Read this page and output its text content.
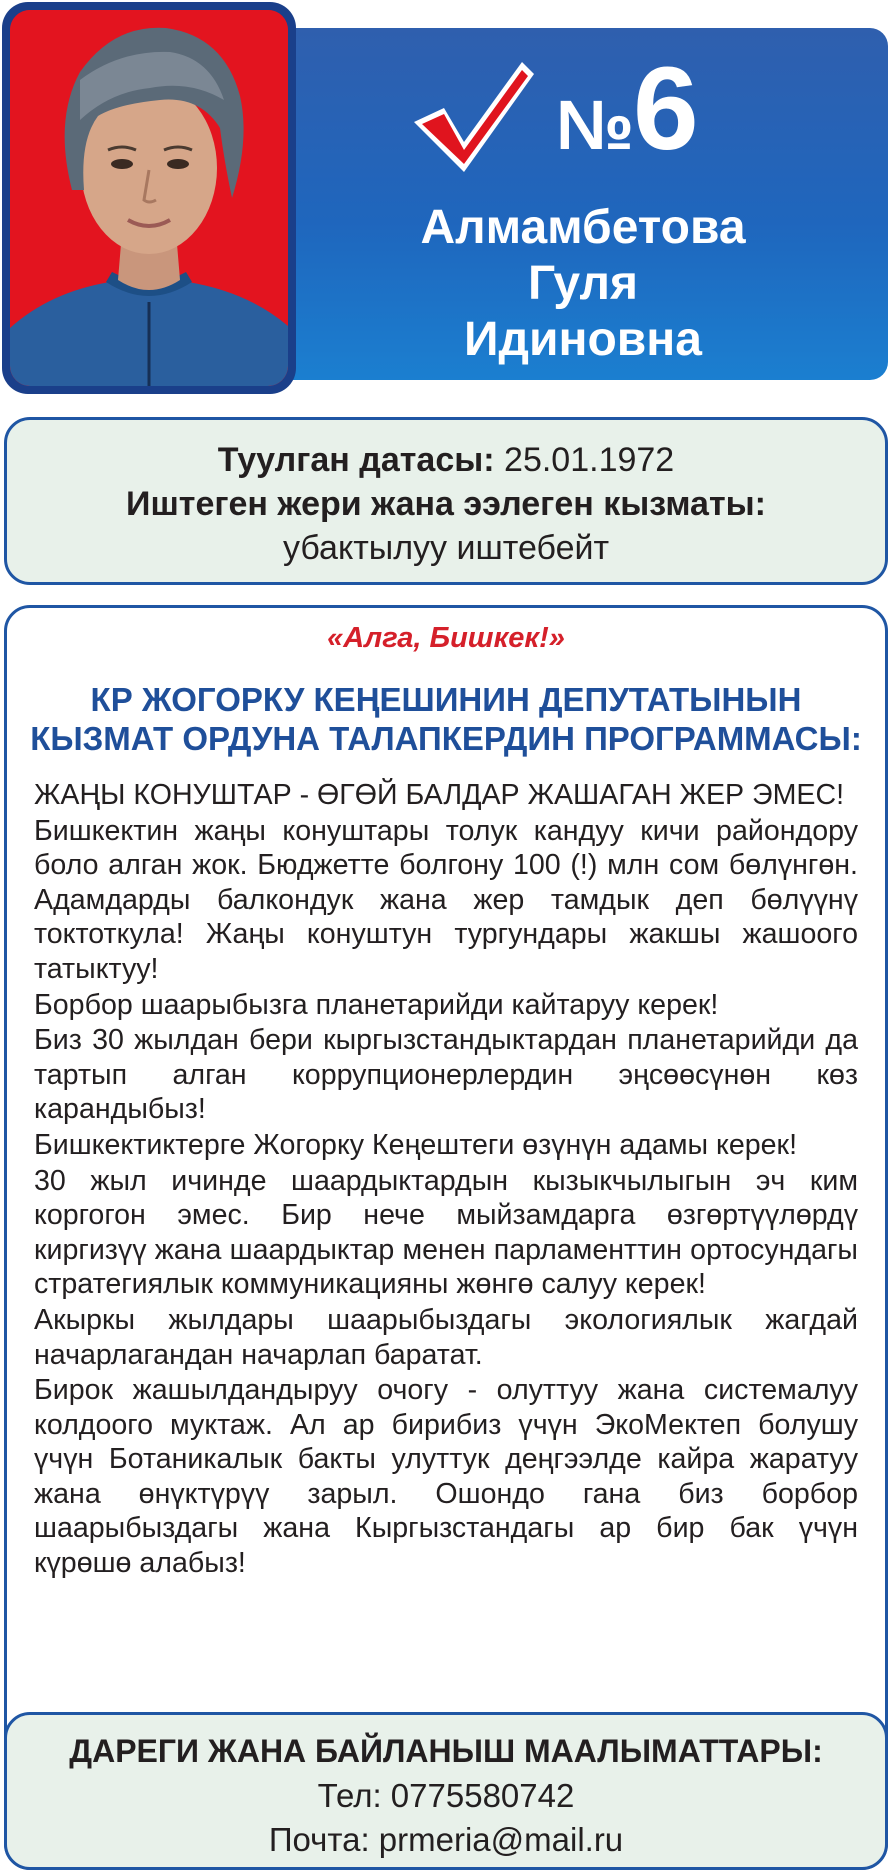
№6
Алмамбетова
Гуля
Идиновна
Туулган датасы: 25.01.1972
Иштеген жери жана ээлеген кызматы:
убактылуу иштебейт
«Алга, Бишкек!»
КР ЖОГОРКУ КЕҢЕШИНИН ДЕПУТАТЫНЫН
КЫЗМАТ ОРДУНА ТАЛАПКЕРДИН ПРОГРАММАСЫ:

ЖАҢЫ КОНУШТАР - ӨГӨЙ БАЛДАР ЖАШАГАН ЖЕР ЭМЕС!

Бишкектин жаңы конуштары толук кандуу кичи райондору боло алган жок. Бюджетте болгону 100 (!) млн сом бөлүнгөн. Адамдарды балкондук жана жер тамдык деп бөлүүнү токтоткула! Жаңы конуштун тургундары жакшы жашоого татыктуу!

Борбор шаарыбызга планетарийди кайтаруу керек!

Биз 30 жылдан бери кыргызстандыктардан планетарийди да тартып алган коррупционерлердин эңсөөсүнөн көз карандыбыз!

Бишкектиктерге Жогорку Кеңештеги өзүнүн адамы керек!

30 жыл ичинде шаардыктардын кызыкчылыгын эч ким коргогон эмес. Бир нече мыйзамдарга өзгөртүүлөрдү киргизүү жана шаардыктар менен парламенттин ортосундагы стратегиялык коммуникацияны жөнгө салуу керек!

Акыркы жылдары шаарыбыздагы экологиялык жагдай начарлагандан начарлап баратат.

Бирок жашылдандыруу очогу - олуттуу жана системалуу колдоого муктаж. Ал ар бирибиз үчүн ЭкоМектеп болушу үчүн Ботаникалык бакты улуттук деңгээлде кайра жаратуу жана өнүктүрүү зарыл. Ошондо гана биз борбор шаарыбыздагы жана Кыргызстандагы ар бир бак үчүн күрөшө алабыз!

ДАРЕГИ ЖАНА БАЙЛАНЫШ МААЛЫМАТТАРЫ:
Тел: 0775580742
Почта: prmeria@mail.ru
